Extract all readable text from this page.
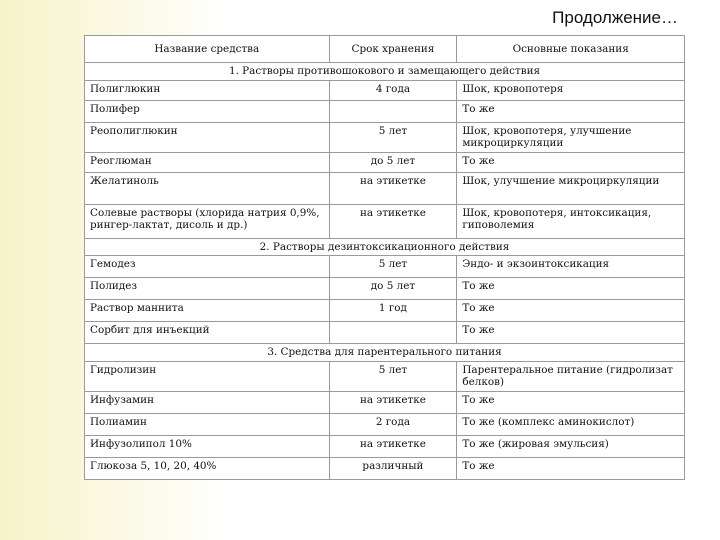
Продолжение…
Название средства	Срок хранения	Основные показания
1. Растворы противошокового и замещающего действия		
Полиглюкин	4 года	Шок, кровопотеря
Полифер		То же
Реополиглюкин	5 лет	Шок, кровопотеря, улучшение микроциркуляции
Реоглюман	до 5 лет	То же
Желатиноль	на этикетке	Шок, улучшение микроциркуляции
Солевые растворы (хлорида натрия 0,9%, рингер-лактат, дисоль и др.)	на этикетке	Шок, кровопотеря, интоксикация, гиповолемия
2. Растворы дезинтоксикационного действия		
Гемодез	5 лет	Эндо- и экзоинтоксикация
Полидез	до 5 лет	То же
Раствор маннита	1 год	То же
Сорбит для инъекций		То же
3. Средства для парентерального питания		
Гидролизин	5 лет	Парентеральное питание (гидролизат белков)
Инфузамин	на этикетке	То же
Полиамин	2 года	То же (комплекс аминокислот)
Инфузолипол 10%	на этикетке	То же (жировая эмульсия)
Глюкоза 5, 10, 20, 40%	различный	То же
